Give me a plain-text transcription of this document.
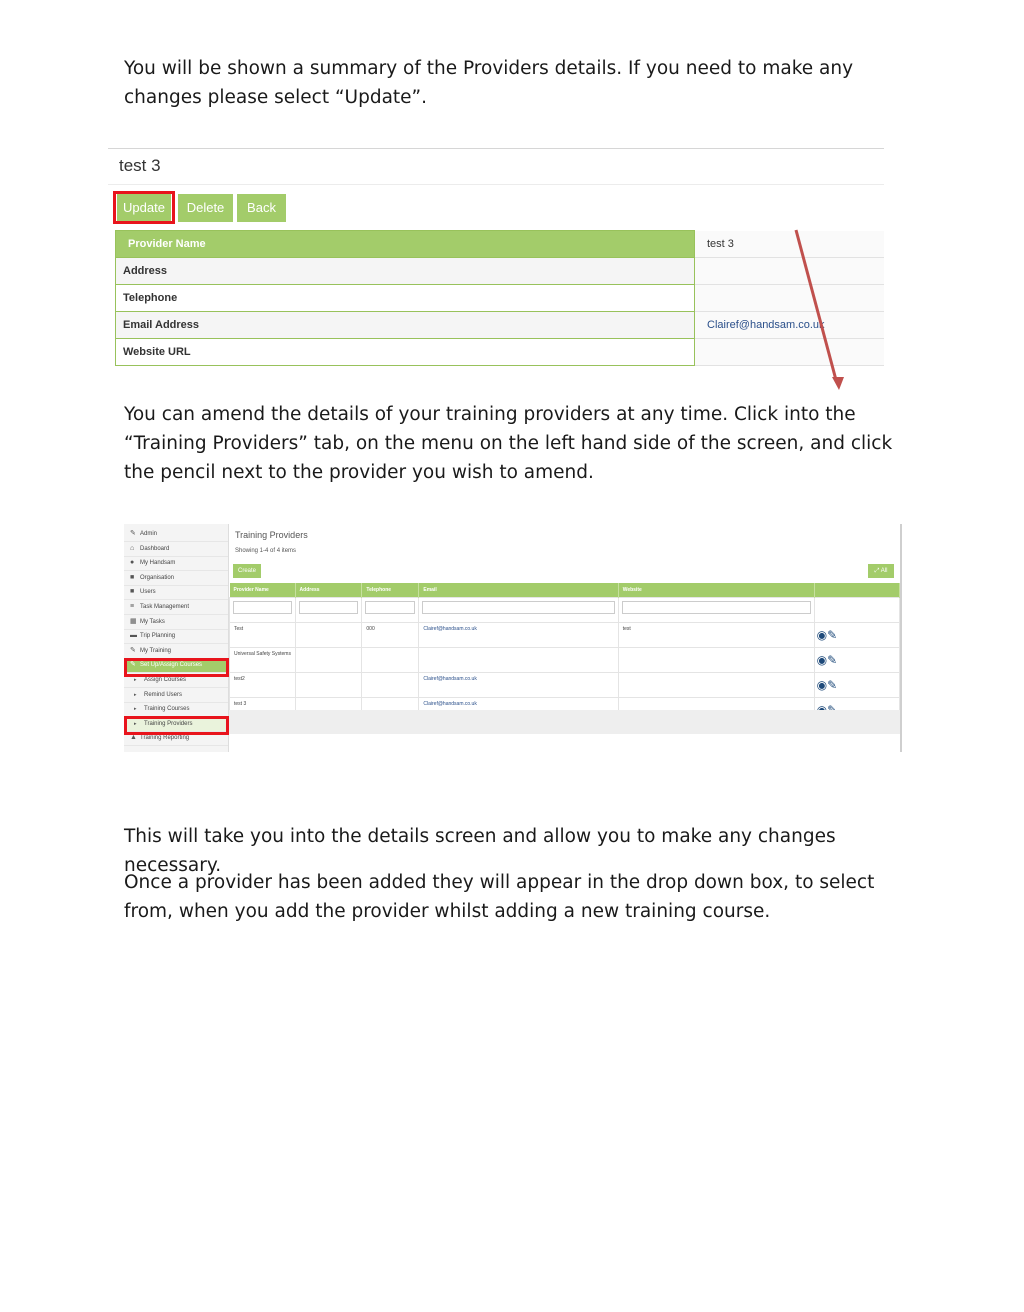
You will be shown a summary of the Providers details. If you need to make any changes please select “Update”.

test 3
Update	Delete	Back
Provider Name	test 3
Address	
Telephone	
Email Address	Clairef@handsam.co.uk
Website URL	

You can amend the details of your training providers at any time. Click into the “Training Providers” tab, on the menu on the left hand side of the screen, and click the pencil next to the provider you wish to amend.

✎ Admin
⌂ Dashboard
● My Handsam
■ Organisation
■ Users
≡ Task Management
▦ My Tasks
▬ Trip Planning
✎ My Training
✎ Set Up/Assign Courses
▸ Assign Courses
▸ Remind Users
▸ Training Courses
▸ Training Providers
▲ Training Reporting
Training Providers
Showing 1-4 of 4 items
Create	⤢ All
Provider Name	Address	Telephone	Email	Website	

Test		000	Clairef@handsam.co.uk	test	◉✎
Universal Safety Systems					◉✎
test2			Clairef@handsam.co.uk		◉✎
test 3			Clairef@handsam.co.uk		

This will take you into the details screen and allow you to make any changes necessary.

Once a provider has been added they will appear in the drop down box, to select from, when you add the provider whilst adding a new training course.
